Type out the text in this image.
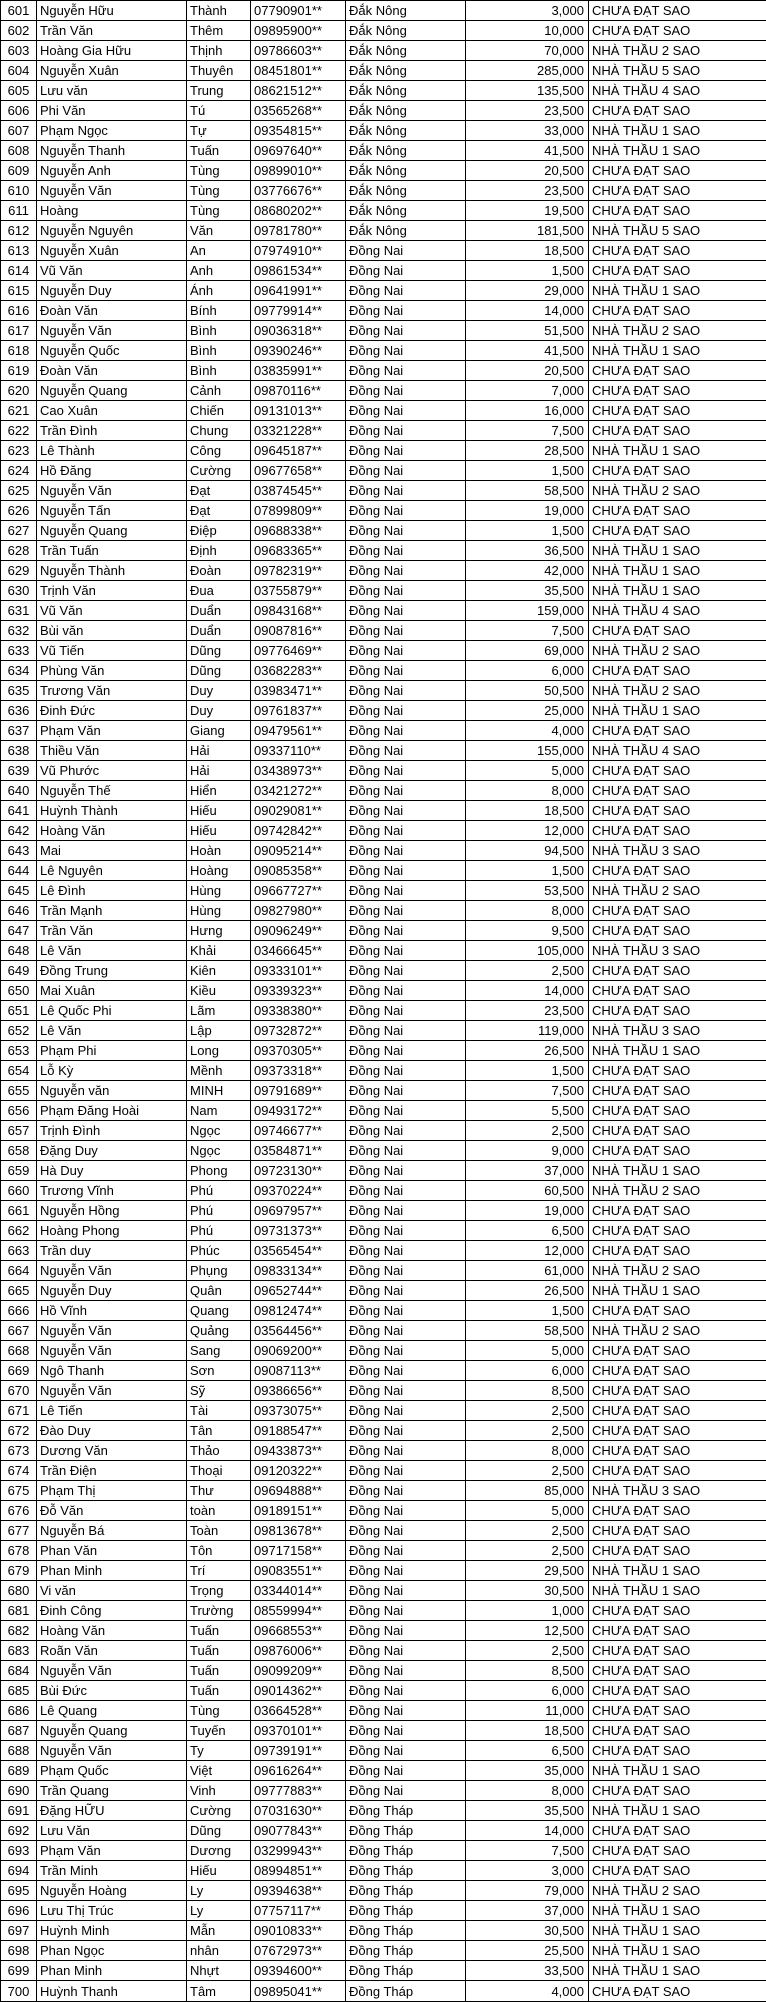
601	Nguyễn Hữu	Thành	07790901**	Đắk Nông	3,000	CHƯA ĐẠT SAO
602	Trần Văn	Thêm	09895900**	Đắk Nông	10,000	CHƯA ĐẠT SAO
603	Hoàng Gia Hữu	Thịnh	09786603**	Đắk Nông	70,000	NHÀ THẦU 2 SAO
604	Nguyễn Xuân	Thuyên	08451801**	Đắk Nông	285,000	NHÀ THẦU 5 SAO
605	Lưu văn	Trung	08621512**	Đắk Nông	135,500	NHÀ THẦU 4 SAO
606	Phi Văn	Tú	03565268**	Đắk Nông	23,500	CHƯA ĐẠT SAO
607	Phạm Ngọc	Tự	09354815**	Đắk Nông	33,000	NHÀ THẦU 1 SAO
608	Nguyễn Thanh	Tuấn	09697640**	Đắk Nông	41,500	NHÀ THẦU 1 SAO
609	Nguyễn Anh	Tùng	09899010**	Đắk Nông	20,500	CHƯA ĐẠT SAO
610	Nguyễn Văn	Tùng	03776676**	Đắk Nông	23,500	CHƯA ĐẠT SAO
611	Hoàng	Tùng	08680202**	Đắk Nông	19,500	CHƯA ĐẠT SAO
612	Nguyễn Nguyên	Văn	09781780**	Đắk Nông	181,500	NHÀ THẦU 5 SAO
613	Nguyễn Xuân	An	07974910**	Đồng Nai	18,500	CHƯA ĐẠT SAO
614	Vũ Văn	Anh	09861534**	Đồng Nai	1,500	CHƯA ĐẠT SAO
615	Nguyễn Duy	Ánh	09641991**	Đồng Nai	29,000	NHÀ THẦU 1 SAO
616	Đoàn Văn	Bính	09779914**	Đồng Nai	14,000	CHƯA ĐẠT SAO
617	Nguyễn Văn	Bình	09036318**	Đồng Nai	51,500	NHÀ THẦU 2 SAO
618	Nguyễn Quốc	Bình	09390246**	Đồng Nai	41,500	NHÀ THẦU 1 SAO
619	Đoàn Văn	Bình	03835991**	Đồng Nai	20,500	CHƯA ĐẠT SAO
620	Nguyễn Quang	Cảnh	09870116**	Đồng Nai	7,000	CHƯA ĐẠT SAO
621	Cao Xuân	Chiến	09131013**	Đồng Nai	16,000	CHƯA ĐẠT SAO
622	Trần Đình	Chung	03321228**	Đồng Nai	7,500	CHƯA ĐẠT SAO
623	Lê Thành	Công	09645187**	Đồng Nai	28,500	NHÀ THẦU 1 SAO
624	Hồ Đăng	Cường	09677658**	Đồng Nai	1,500	CHƯA ĐẠT SAO
625	Nguyễn Văn	Đạt	03874545**	Đồng Nai	58,500	NHÀ THẦU 2 SAO
626	Nguyễn Tấn	Đạt	07899809**	Đồng Nai	19,000	CHƯA ĐẠT SAO
627	Nguyễn Quang	Điệp	09688338**	Đồng Nai	1,500	CHƯA ĐẠT SAO
628	Trần Tuấn	Định	09683365**	Đồng Nai	36,500	NHÀ THẦU 1 SAO
629	Nguyễn Thành	Đoàn	09782319**	Đồng Nai	42,000	NHÀ THẦU 1 SAO
630	Trịnh Văn	Đua	03755879**	Đồng Nai	35,500	NHÀ THẦU 1 SAO
631	Vũ Văn	Duẩn	09843168**	Đồng Nai	159,000	NHÀ THẦU 4 SAO
632	Bùi văn	Duẩn	09087816**	Đồng Nai	7,500	CHƯA ĐẠT SAO
633	Vũ Tiến	Dũng	09776469**	Đồng Nai	69,000	NHÀ THẦU 2 SAO
634	Phùng Văn	Dũng	03682283**	Đồng Nai	6,000	CHƯA ĐẠT SAO
635	Trương Văn	Duy	03983471**	Đồng Nai	50,500	NHÀ THẦU 2 SAO
636	Đinh Đức	Duy	09761837**	Đồng Nai	25,000	NHÀ THẦU 1 SAO
637	Phạm Văn	Giang	09479561**	Đồng Nai	4,000	CHƯA ĐẠT SAO
638	Thiều Văn	Hải	09337110**	Đồng Nai	155,000	NHÀ THẦU 4 SAO
639	Vũ Phước	Hải	03438973**	Đồng Nai	5,000	CHƯA ĐẠT SAO
640	Nguyễn Thế	Hiển	03421272**	Đồng Nai	8,000	CHƯA ĐẠT SAO
641	Huỳnh Thành	Hiếu	09029081**	Đồng Nai	18,500	CHƯA ĐẠT SAO
642	Hoàng Văn	Hiếu	09742842**	Đồng Nai	12,000	CHƯA ĐẠT SAO
643	Mai	Hoàn	09095214**	Đồng Nai	94,500	NHÀ THẦU 3 SAO
644	Lê Nguyên	Hoàng	09085358**	Đồng Nai	1,500	CHƯA ĐẠT SAO
645	Lê Đình	Hùng	09667727**	Đồng Nai	53,500	NHÀ THẦU 2 SAO
646	Trần Mạnh	Hùng	09827980**	Đồng Nai	8,000	CHƯA ĐẠT SAO
647	Trần Văn	Hưng	09096249**	Đồng Nai	9,500	CHƯA ĐẠT SAO
648	Lê Văn	Khải	03466645**	Đồng Nai	105,000	NHÀ THẦU 3 SAO
649	Đồng Trung	Kiên	09333101**	Đồng Nai	2,500	CHƯA ĐẠT SAO
650	Mai Xuân	Kiều	09339323**	Đồng Nai	14,000	CHƯA ĐẠT SAO
651	Lê Quốc Phi	Lãm	09338380**	Đồng Nai	23,500	CHƯA ĐẠT SAO
652	Lê Văn	Lập	09732872**	Đồng Nai	119,000	NHÀ THẦU 3 SAO
653	Phạm Phi	Long	09370305**	Đồng Nai	26,500	NHÀ THẦU 1 SAO
654	Lỗ Kỳ	Mềnh	09373318**	Đồng Nai	1,500	CHƯA ĐẠT SAO
655	Nguyễn văn	MINH	09791689**	Đồng Nai	7,500	CHƯA ĐẠT SAO
656	Phạm Đăng Hoài	Nam	09493172**	Đồng Nai	5,500	CHƯA ĐẠT SAO
657	Trịnh Đình	Ngọc	09746677**	Đồng Nai	2,500	CHƯA ĐẠT SAO
658	Đặng Duy	Ngọc	03584871**	Đồng Nai	9,000	CHƯA ĐẠT SAO
659	Hà Duy	Phong	09723130**	Đồng Nai	37,000	NHÀ THẦU 1 SAO
660	Trương Vĩnh	Phú	09370224**	Đồng Nai	60,500	NHÀ THẦU 2 SAO
661	Nguyễn Hồng	Phú	09697957**	Đồng Nai	19,000	CHƯA ĐẠT SAO
662	Hoàng Phong	Phú	09731373**	Đồng Nai	6,500	CHƯA ĐẠT SAO
663	Trần duy	Phúc	03565454**	Đồng Nai	12,000	CHƯA ĐẠT SAO
664	Nguyễn Văn	Phụng	09833134**	Đồng Nai	61,000	NHÀ THẦU 2 SAO
665	Nguyễn Duy	Quân	09652744**	Đồng Nai	26,500	NHÀ THẦU 1 SAO
666	Hồ Vĩnh	Quang	09812474**	Đồng Nai	1,500	CHƯA ĐẠT SAO
667	Nguyễn Văn	Quảng	03564456**	Đồng Nai	58,500	NHÀ THẦU 2 SAO
668	Nguyễn Văn	Sang	09069200**	Đồng Nai	5,000	CHƯA ĐẠT SAO
669	Ngô Thanh	Sơn	09087113**	Đồng Nai	6,000	CHƯA ĐẠT SAO
670	Nguyễn Văn	Sỹ	09386656**	Đồng Nai	8,500	CHƯA ĐẠT SAO
671	Lê Tiến	Tài	09373075**	Đồng Nai	2,500	CHƯA ĐẠT SAO
672	Đào Duy	Tân	09188547**	Đồng Nai	2,500	CHƯA ĐẠT SAO
673	Dương Văn	Thảo	09433873**	Đồng Nai	8,000	CHƯA ĐẠT SAO
674	Trần Điện	Thoại	09120322**	Đồng Nai	2,500	CHƯA ĐẠT SAO
675	Phạm Thị	Thư	09694888**	Đồng Nai	85,000	NHÀ THẦU 3 SAO
676	Đỗ Văn	toàn	09189151**	Đồng Nai	5,000	CHƯA ĐẠT SAO
677	Nguyễn Bá	Toàn	09813678**	Đồng Nai	2,500	CHƯA ĐẠT SAO
678	Phan Văn	Tôn	09717158**	Đồng Nai	2,500	CHƯA ĐẠT SAO
679	Phan Minh	Trí	09083551**	Đồng Nai	29,500	NHÀ THẦU 1 SAO
680	Vi văn	Trọng	03344014**	Đồng Nai	30,500	NHÀ THẦU 1 SAO
681	Đinh Công	Trường	08559994**	Đồng Nai	1,000	CHƯA ĐẠT SAO
682	Hoàng Văn	Tuấn	09668553**	Đồng Nai	12,500	CHƯA ĐẠT SAO
683	Roãn Văn	Tuấn	09876006**	Đồng Nai	2,500	CHƯA ĐẠT SAO
684	Nguyễn Văn	Tuấn	09099209**	Đồng Nai	8,500	CHƯA ĐẠT SAO
685	Bùi Đức	Tuấn	09014362**	Đồng Nai	6,000	CHƯA ĐẠT SAO
686	Lê Quang	Tùng	03664528**	Đồng Nai	11,000	CHƯA ĐẠT SAO
687	Nguyễn Quang	Tuyến	09370101**	Đồng Nai	18,500	CHƯA ĐẠT SAO
688	Nguyễn Văn	Ty	09739191**	Đồng Nai	6,500	CHƯA ĐẠT SAO
689	Phạm Quốc	Việt	09616264**	Đồng Nai	35,000	NHÀ THẦU 1 SAO
690	Trần Quang	Vinh	09777883**	Đồng Nai	8,000	CHƯA ĐẠT SAO
691	Đặng HỮU	Cường	07031630**	Đồng Tháp	35,500	NHÀ THẦU 1 SAO
692	Lưu Văn	Dũng	09077843**	Đồng Tháp	14,000	CHƯA ĐẠT SAO
693	Phạm Văn	Dương	03299943**	Đồng Tháp	7,500	CHƯA ĐẠT SAO
694	Trần Minh	Hiếu	08994851**	Đồng Tháp	3,000	CHƯA ĐẠT SAO
695	Nguyễn Hoàng	Ly	09394638**	Đồng Tháp	79,000	NHÀ THẦU 2 SAO
696	Lưu Thị Trúc	Ly	07757117**	Đồng Tháp	37,000	NHÀ THẦU 1 SAO
697	Huỳnh Minh	Mẫn	09010833**	Đồng Tháp	30,500	NHÀ THẦU 1 SAO
698	Phan Ngọc	nhân	07672973**	Đồng Tháp	25,500	NHÀ THẦU 1 SAO
699	Phan Minh	Nhựt	09394600**	Đồng Tháp	33,500	NHÀ THẦU 1 SAO
700	Huỳnh Thanh	Tâm	09895041**	Đồng Tháp	4,000	CHƯA ĐẠT SAO
